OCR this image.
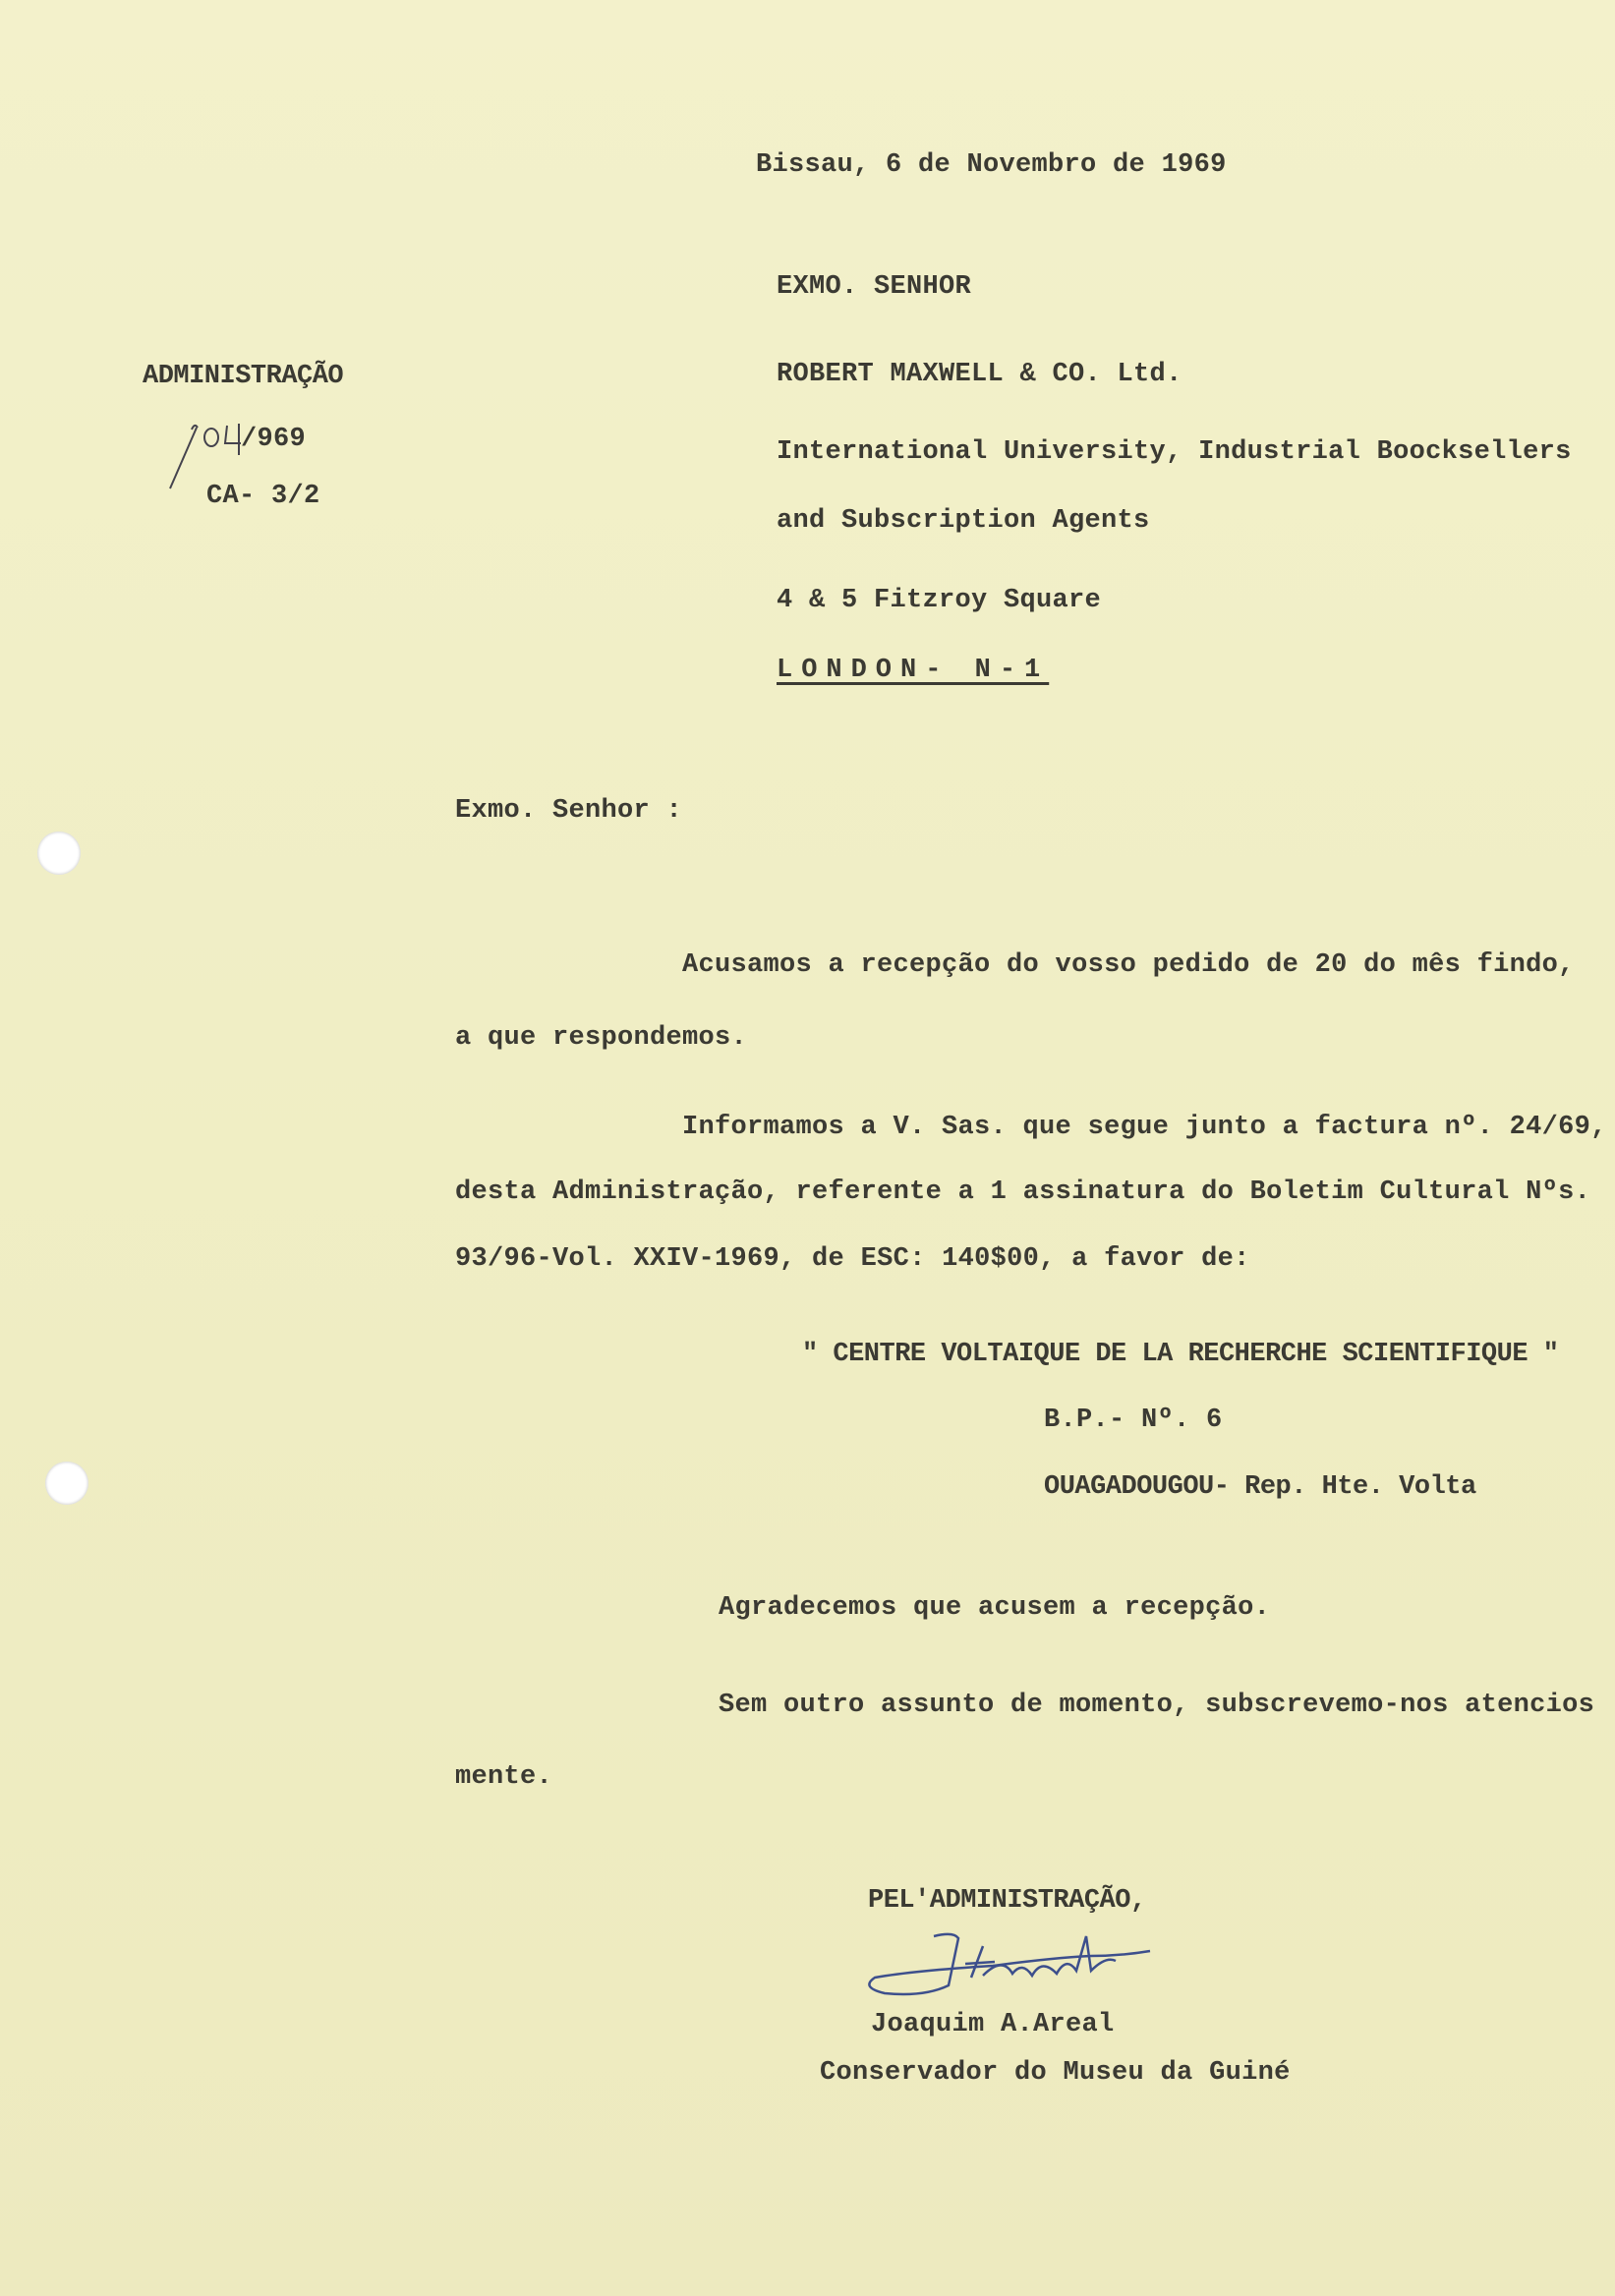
Bissau, 6 de Novembro de 1969
ADMINISTRAÇÃO
/969
CA- 3/2
EXMO. SENHOR
ROBERT MAXWELL & CO. Ltd.
International University, Industrial Boocksellers
and Subscription Agents
4 & 5 Fitzroy Square
LONDON- N-1
Exmo. Senhor :
Acusamos a recepção do vosso pedido de 20 do mês findo,
a que respondemos.
Informamos a V. Sas. que segue junto a factura nº. 24/69,
desta Administração, referente a 1 assinatura do Boletim Cultural Nºs.
93/96-Vol. XXIV-1969, de ESC: 140$00, a favor de:
" CENTRE VOLTAIQUE DE LA RECHERCHE SCIENTIFIQUE "
B.P.- Nº. 6
OUAGADOUGOU- Rep. Hte. Volta
Agradecemos que acusem a recepção.
Sem outro assunto de momento, subscrevemo-nos atencios
mente.
PEL'ADMINISTRAÇÃO,
Joaquim A.Areal
Conservador do Museu da Guiné
